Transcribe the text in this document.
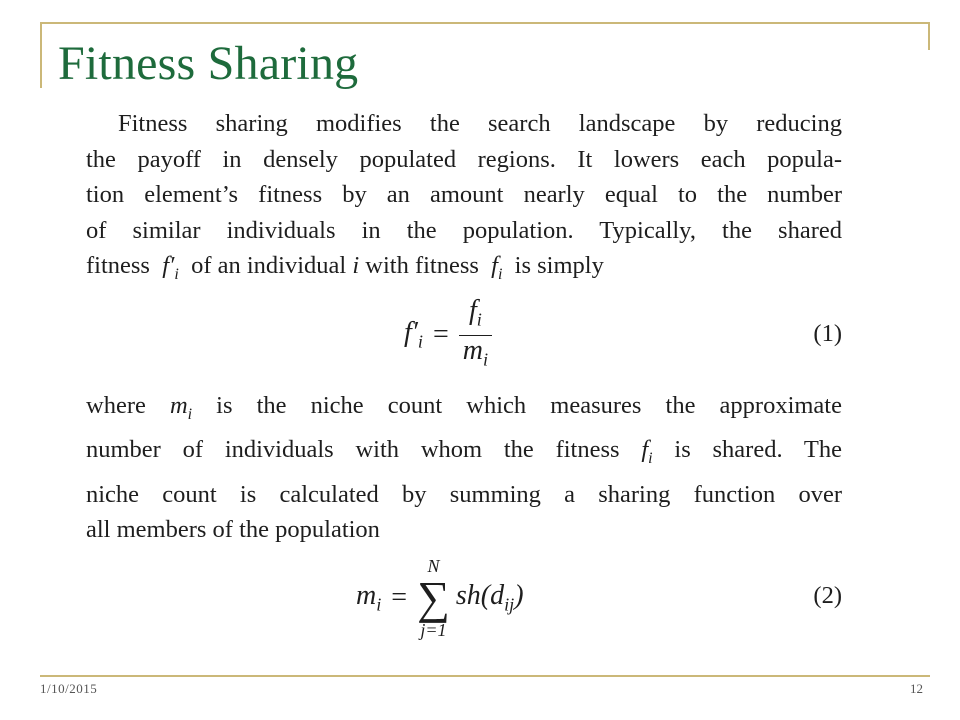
Fitness Sharing
Fitness sharing modifies the search landscape by reducing
the payoff in densely populated regions. It lowers each popula-
tion element’s fitness by an amount nearly equal to the number
of similar individuals in the population. Typically, the shared
fitness $f'_i$ of an individual i with fitness $f_i$ is simply
$f'_i = \frac{f_i}{m_i}$	(1)
where $m_i$ is the niche count which measures the approximate
number of individuals with whom the fitness $f_i$ is shared. The
niche count is calculated by summing a sharing function over
all members of the population
$m_i$ =
N
∑
j=1
$sh(d_{ij})$	(2)
1/10/2015	12
